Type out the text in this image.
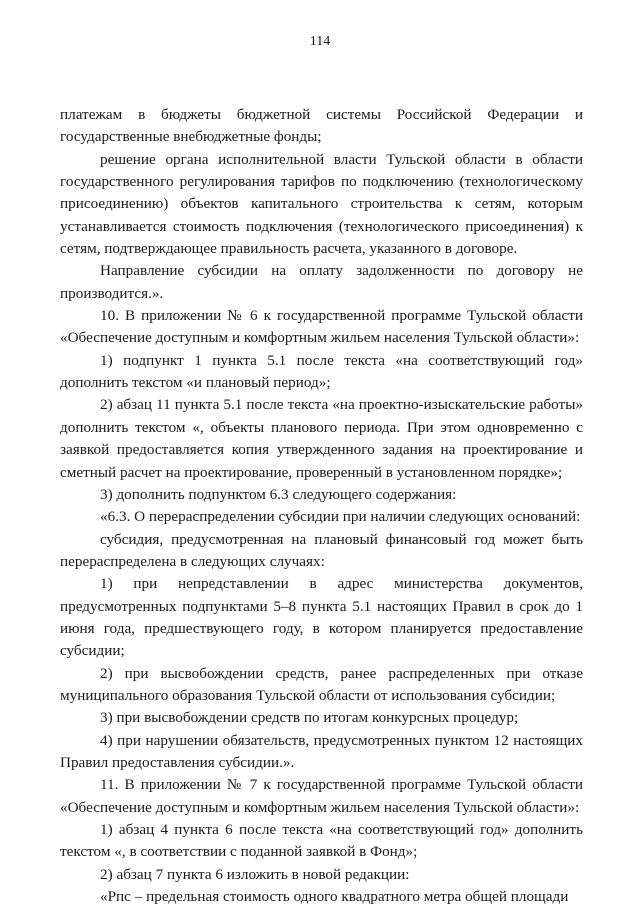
114

платежам в бюджеты бюджетной системы Российской Федерации и государственные внебюджетные фонды;

решение органа исполнительной власти Тульской области в области государственного регулирования тарифов по подключению (технологическому присоединению) объектов капитального строительства к сетям, которым устанавливается стоимость подключения (технологического присоединения) к сетям, подтверждающее правильность расчета, указанного в договоре.

Направление субсидии на оплату задолженности по договору не производится.».

10. В приложении № 6 к государственной программе Тульской области «Обеспечение доступным и комфортным жильем населения Тульской области»:

1) подпункт 1 пункта 5.1 после текста «на соответствующий год» дополнить текстом «и плановый период»;

2) абзац 11 пункта 5.1 после текста «на проектно-изыскательские работы» дополнить текстом «, объекты планового периода. При этом одновременно с заявкой предоставляется копия утвержденного задания на проектирование и сметный расчет на проектирование, проверенный в установленном порядке»;

3) дополнить подпунктом 6.3 следующего содержания:

«6.3. О перераспределении субсидии при наличии следующих оснований:

субсидия, предусмотренная на плановый финансовый год может быть перераспределена в следующих случаях:

1) при непредставлении в адрес министерства документов, предусмотренных подпунктами 5–8 пункта 5.1 настоящих Правил в срок до 1 июня года, предшествующего году, в котором планируется предоставление субсидии;

2) при высвобождении средств, ранее распределенных при отказе муниципального образования Тульской области от использования субсидии;

3) при высвобождении средств по итогам конкурсных процедур;

4) при нарушении обязательств, предусмотренных пунктом 12 настоящих Правил предоставления субсидии.».

11. В приложении № 7 к государственной программе Тульской области «Обеспечение доступным и комфортным жильем населения Тульской области»:

1) абзац 4 пункта 6 после текста «на соответствующий год» дополнить текстом «, в соответствии с поданной заявкой в Фонд»;

2) абзац 7 пункта 6 изложить в новой редакции:

«Рпс – предельная стоимость одного квадратного метра общей площади
